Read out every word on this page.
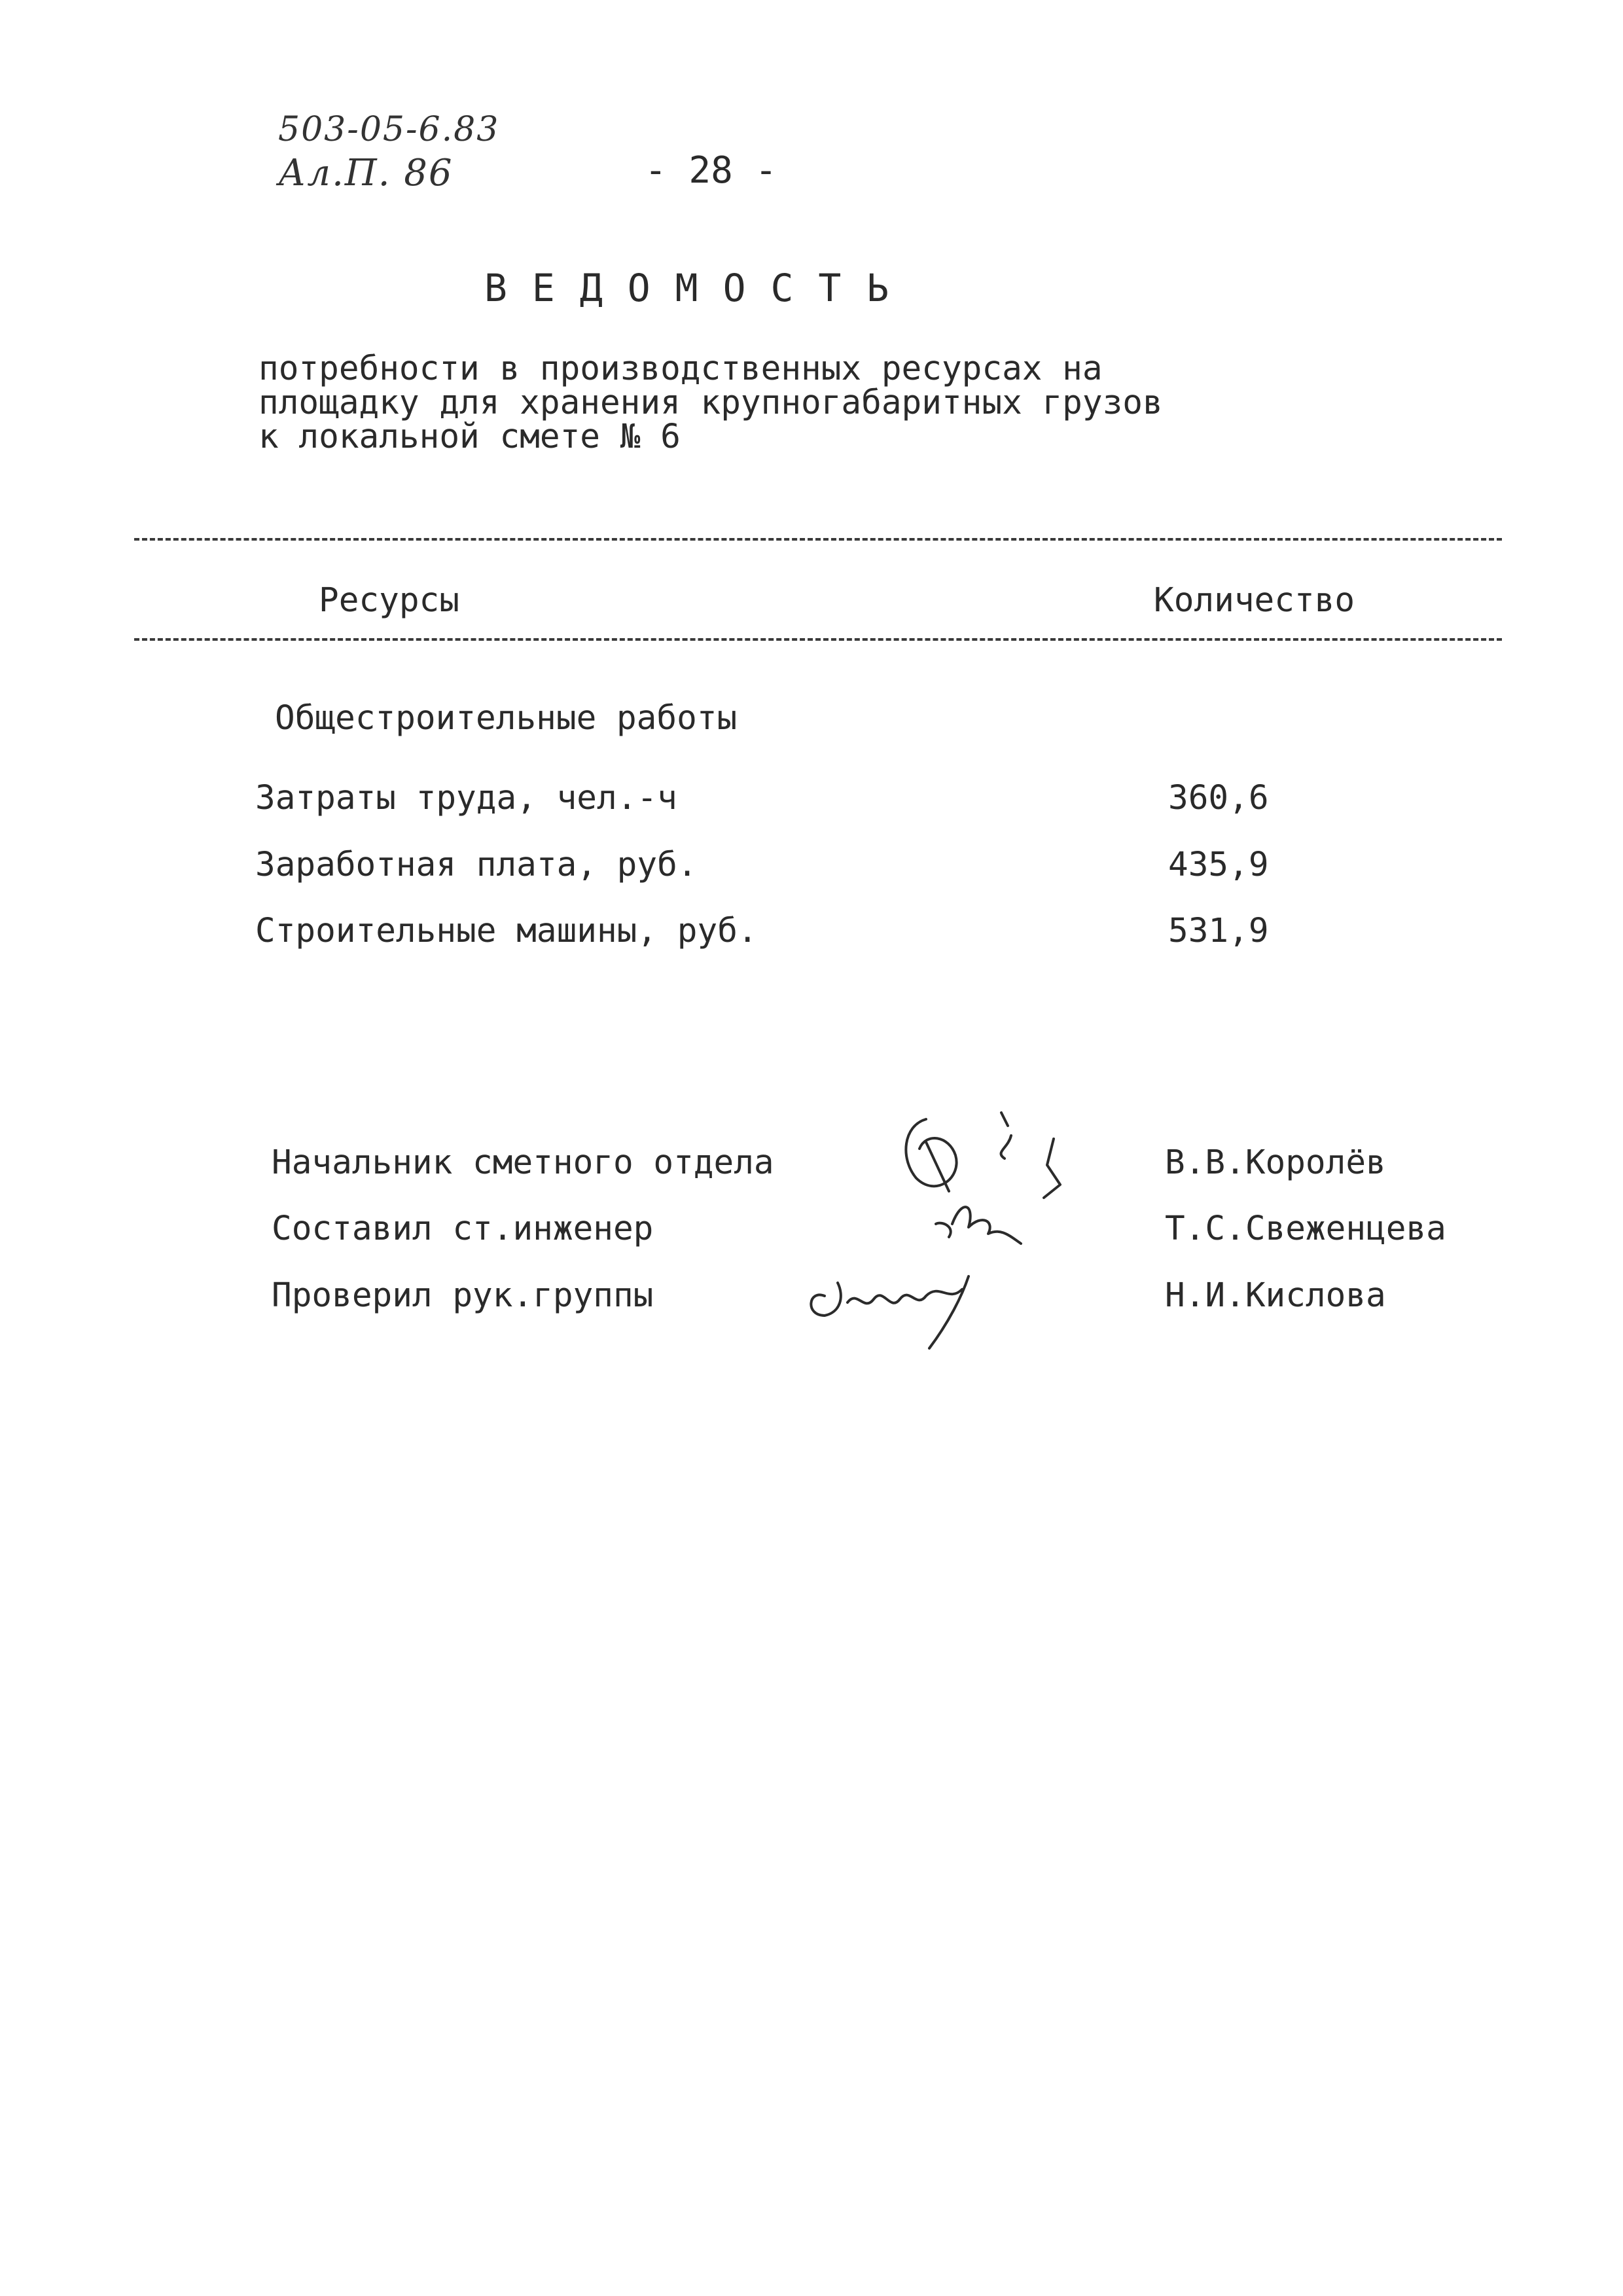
503-05-6.83
Ал.П. 86	- 28 -
ВЕДОМОСТЬ
потребности в производственных ресурсах на
площадку для хранения крупногабаритных грузов
к локальной смете № 6
Ресурсы	Количество
Общестроительные работы
Затраты труда, чел.-ч	360,6
Заработная плата, руб.	435,9
Строительные машины, руб.	531,9
Начальник сметного отдела	В.В.Королёв
Составил ст.инженер	Т.С.Свеженцева
Проверил рук.группы	Н.И.Кислова
